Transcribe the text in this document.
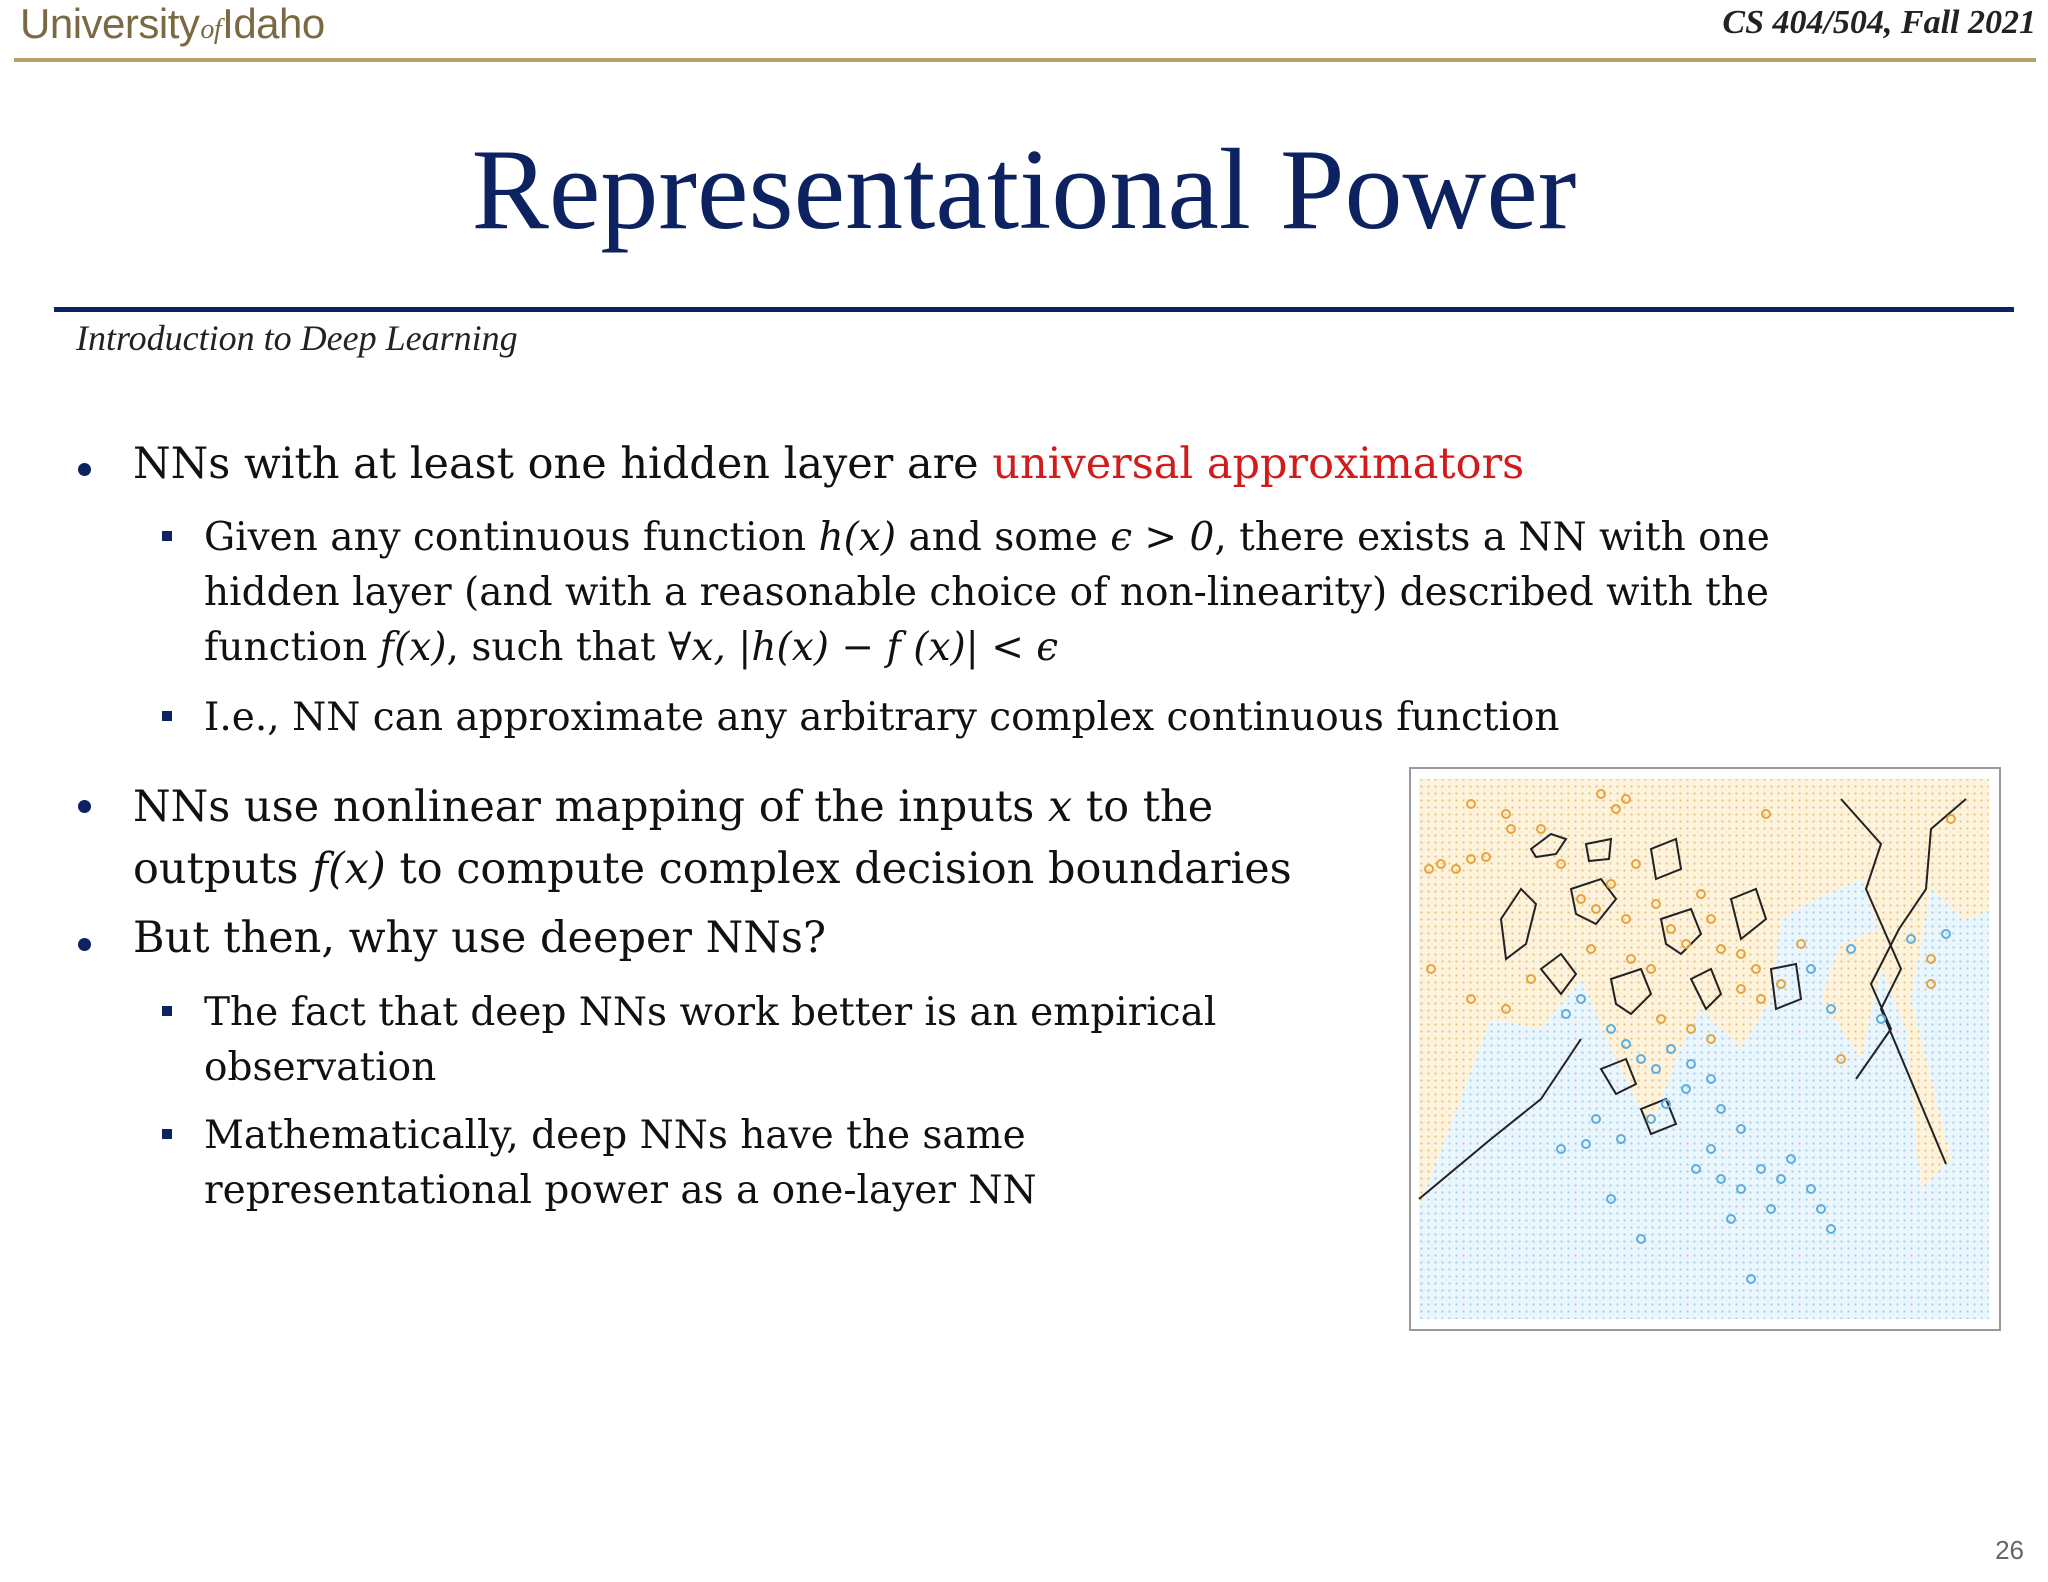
UniversityofIdaho	CS 404/504, Fall 2021
Representational Power
Introduction to Deep Learning
NNs with at least one hidden layer are universal approximators
Given any continuous function h(x) and some ϵ > 0, there exists a NN with one
hidden layer (and with a reasonable choice of non-linearity) described with the
function f(x), such that ∀x, |h(x) − f (x)| < ϵ
I.e., NN can approximate any arbitrary complex continuous function
NNs use nonlinear mapping of the inputs x to the
outputs f(x) to compute complex decision boundaries
But then, why use deeper NNs?
The fact that deep NNs work better is an empirical
observation
Mathematically, deep NNs have the same
representational power as a one-layer NN
26
